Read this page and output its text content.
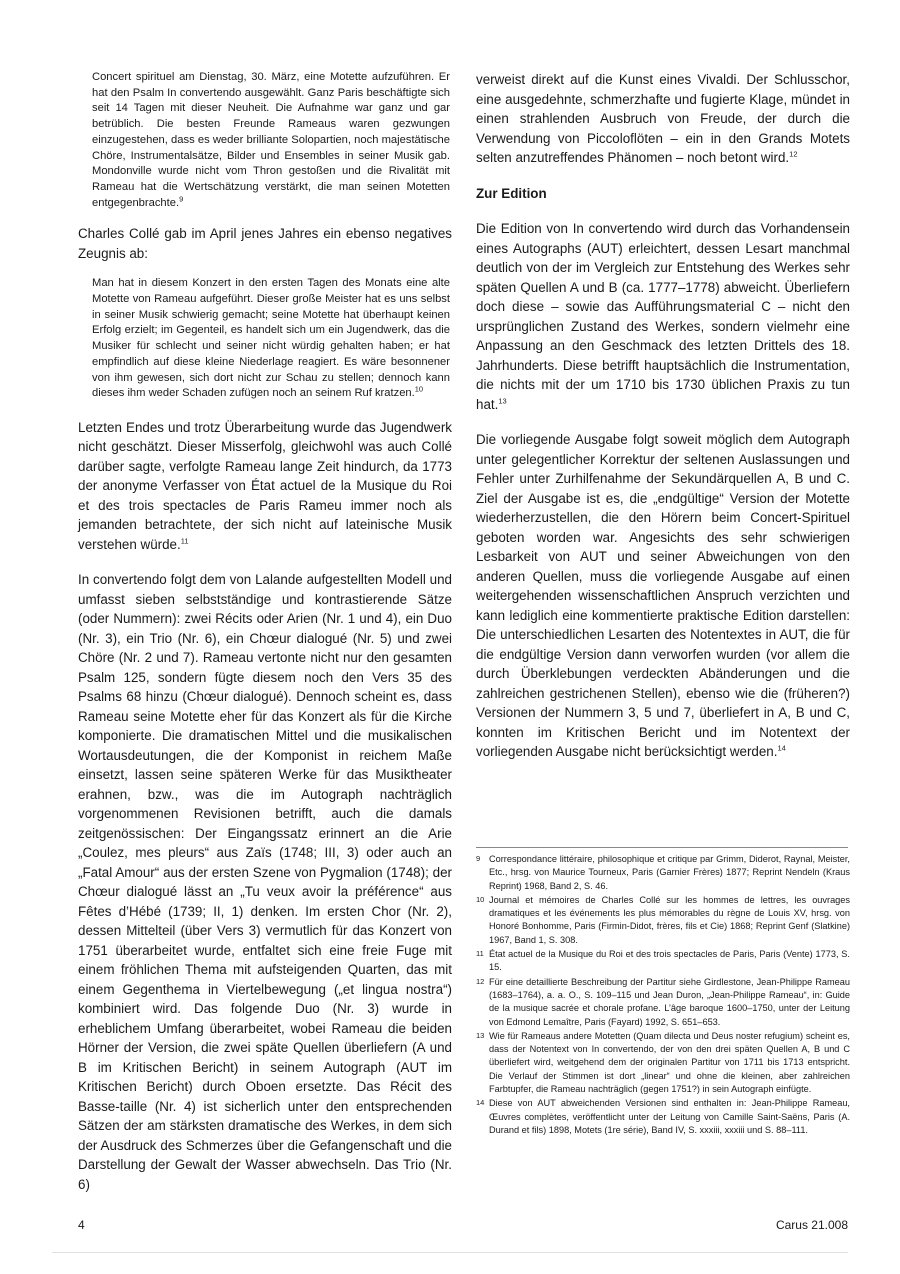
Concert spirituel am Dienstag, 30. März, eine Motette aufzuführen. Er hat den Psalm In convertendo ausgewählt. Ganz Paris beschäftigte sich seit 14 Tagen mit dieser Neuheit. Die Aufnahme war ganz und gar betrüblich. Die besten Freunde Rameaus waren gezwungen einzugestehen, dass es weder brilliante Solopartien, noch majestätische Chöre, Instrumentalsätze, Bilder und Ensembles in seiner Musik gab. Mondonville wurde nicht vom Thron gestoßen und die Rivalität mit Rameau hat die Wertschätzung verstärkt, die man seinen Motetten entgegenbrachte.$^9$

Charles Collé gab im April jenes Jahres ein ebenso negatives Zeugnis ab:

Man hat in diesem Konzert in den ersten Tagen des Monats eine alte Motette von Rameau aufgeführt. Dieser große Meister hat es uns selbst in seiner Musik schwierig gemacht; seine Motette hat überhaupt keinen Erfolg erzielt; im Gegenteil, es handelt sich um ein Jugendwerk, das die Musiker für schlecht und seiner nicht würdig gehalten haben; er hat empfindlich auf diese kleine Niederlage reagiert. Es wäre besonnener von ihm gewesen, sich dort nicht zur Schau zu stellen; dennoch kann dieses ihm weder Schaden zufügen noch an seinem Ruf kratzen.$^{10}$

Letzten Endes und trotz Überarbeitung wurde das Jugendwerk nicht geschätzt. Dieser Misserfolg, gleichwohl was auch Collé darüber sagte, verfolgte Rameau lange Zeit hindurch, da 1773 der anonyme Verfasser von État actuel de la Musique du Roi et des trois spectacles de Paris Rameu immer noch als jemanden betrachtete, der sich nicht auf lateinische Musik verstehen würde.$^{11}$

In convertendo folgt dem von Lalande aufgestellten Modell und umfasst sieben selbstständige und kontrastierende Sätze (oder Nummern): zwei Récits oder Arien (Nr. 1 und 4), ein Duo (Nr. 3), ein Trio (Nr. 6), ein Chœur dialogué (Nr. 5) und zwei Chöre (Nr. 2 und 7). Rameau vertonte nicht nur den gesamten Psalm 125, sondern fügte diesem noch den Vers 35 des Psalms 68 hinzu (Chœur dialogué). Dennoch scheint es, dass Rameau seine Motette eher für das Konzert als für die Kirche komponierte. Die dramatischen Mittel und die musikalischen Wortausdeutungen, die der Komponist in reichem Maße einsetzt, lassen seine späteren Werke für das Musiktheater erahnen, bzw., was die im Autograph nachträglich vorgenommenen Revisionen betrifft, auch die damals zeitgenössischen: Der Eingangssatz erinnert an die Arie „Coulez, mes pleurs“ aus Zaïs (1748; III, 3) oder auch an „Fatal Amour“ aus der ersten Szene von Pygmalion (1748); der Chœur dialogué lässt an „Tu veux avoir la préférence“ aus Fêtes d’Hébé (1739; II, 1) denken. Im ersten Chor (Nr. 2), dessen Mittelteil (über Vers 3) vermutlich für das Konzert von 1751 überarbeitet wurde, entfaltet sich eine freie Fuge mit einem fröhlichen Thema mit aufsteigenden Quarten, das mit einem Gegenthema in Viertelbewegung („et lingua nostra“) kombiniert wird. Das folgende Duo (Nr. 3) wurde in erheblichem Umfang überarbeitet, wobei Rameau die beiden Hörner der Version, die zwei späte Quellen überliefern (A und B im Kritischen Bericht) in seinem Autograph (AUT im Kritischen Bericht) durch Oboen ersetzte. Das Récit des Basse-taille (Nr. 4) ist sicherlich unter den entsprechenden Sätzen der am stärksten dramatische des Werkes, in dem sich der Ausdruck des Schmerzes über die Gefangenschaft und die Darstellung der Gewalt der Wasser abwechseln. Das Trio (Nr. 6)

verweist direkt auf die Kunst eines Vivaldi. Der Schlusschor, eine ausgedehnte, schmerzhafte und fugierte Klage, mündet in einen strahlenden Ausbruch von Freude, der durch die Verwendung von Piccoloflöten – ein in den Grands Motets selten anzutreffendes Phänomen – noch betont wird.$^{12}$

Zur Edition

Die Edition von In convertendo wird durch das Vorhandensein eines Autographs (AUT) erleichtert, dessen Lesart manchmal deutlich von der im Vergleich zur Entstehung des Werkes sehr späten Quellen A und B (ca. 1777–1778) abweicht. Überliefern doch diese – sowie das Aufführungsmaterial C – nicht den ursprünglichen Zustand des Werkes, sondern vielmehr eine Anpassung an den Geschmack des letzten Drittels des 18. Jahrhunderts. Diese betrifft hauptsächlich die Instrumentation, die nichts mit der um 1710 bis 1730 üblichen Praxis zu tun hat.$^{13}$

Die vorliegende Ausgabe folgt soweit möglich dem Autograph unter gelegentlicher Korrektur der seltenen Auslassungen und Fehler unter Zurhilfenahme der Sekundärquellen A, B und C. Ziel der Ausgabe ist es, die „endgültige“ Version der Motette wiederherzustellen, die den Hörern beim Concert-Spirituel geboten worden war. Angesichts des sehr schwierigen Lesbarkeit von AUT und seiner Abweichungen von den anderen Quellen, muss die vorliegende Ausgabe auf einen weitergehenden wissenschaftlichen Anspruch verzichten und kann lediglich eine kommentierte praktische Edition darstellen: Die unterschiedlichen Lesarten des Notentextes in AUT, die für die endgültige Version dann verworfen wurden (vor allem die durch Überklebungen verdeckten Abänderungen und die zahlreichen gestrichenen Stellen), ebenso wie die (früheren?) Versionen der Nummern 3, 5 und 7, überliefert in A, B und C, konnten im Kritischen Bericht und im Notentext der vorliegenden Ausgabe nicht berücksichtigt werden.$^{14}$

9 Correspondance littéraire, philosophique et critique par Grimm, Diderot, Raynal, Meister, Etc., hrsg. von Maurice Tourneux, Paris (Garnier Frères) 1877; Reprint Nendeln (Kraus Reprint) 1968, Band 2, S. 46.
10 Journal et mémoires de Charles Collé sur les hommes de lettres, les ouvrages dramatiques et les événements les plus mémorables du règne de Louis XV, hrsg. von Honoré Bonhomme, Paris (Firmin-Didot, frères, fils et Cie) 1868; Reprint Genf (Slatkine) 1967, Band 1, S. 308.
11 État actuel de la Musique du Roi et des trois spectacles de Paris, Paris (Vente) 1773, S. 15.
12 Für eine detaillierte Beschreibung der Partitur siehe Girdlestone, Jean-Philippe Rameau (1683–1764), a. a. O., S. 109–115 und Jean Duron, „Jean-Philippe Rameau“, in: Guide de la musique sacrée et chorale profane. L’âge baroque 1600–1750, unter der Leitung von Edmond Lemaître, Paris (Fayard) 1992, S. 651–653.
13 Wie für Rameaus andere Motetten (Quam dilecta und Deus noster refugium) scheint es, dass der Notentext von In convertendo, der von den drei späten Quellen A, B und C überliefert wird, weitgehend dem der originalen Partitur von 1711 bis 1713 entspricht. Die Verlauf der Stimmen ist dort „linear“ und ohne die kleinen, aber zahlreichen Farbtupfer, die Rameau nachträglich (gegen 1751?) in sein Autograph einfügte.
14 Diese von AUT abweichenden Versionen sind enthalten in: Jean-Philippe Rameau, Œuvres complètes, veröffentlicht unter der Leitung von Camille Saint-Saëns, Paris (A. Durand et fils) 1898, Motets (1re série), Band IV, S. xxxiii, xxxiii und S. 88–111.
4	Carus 21.008
